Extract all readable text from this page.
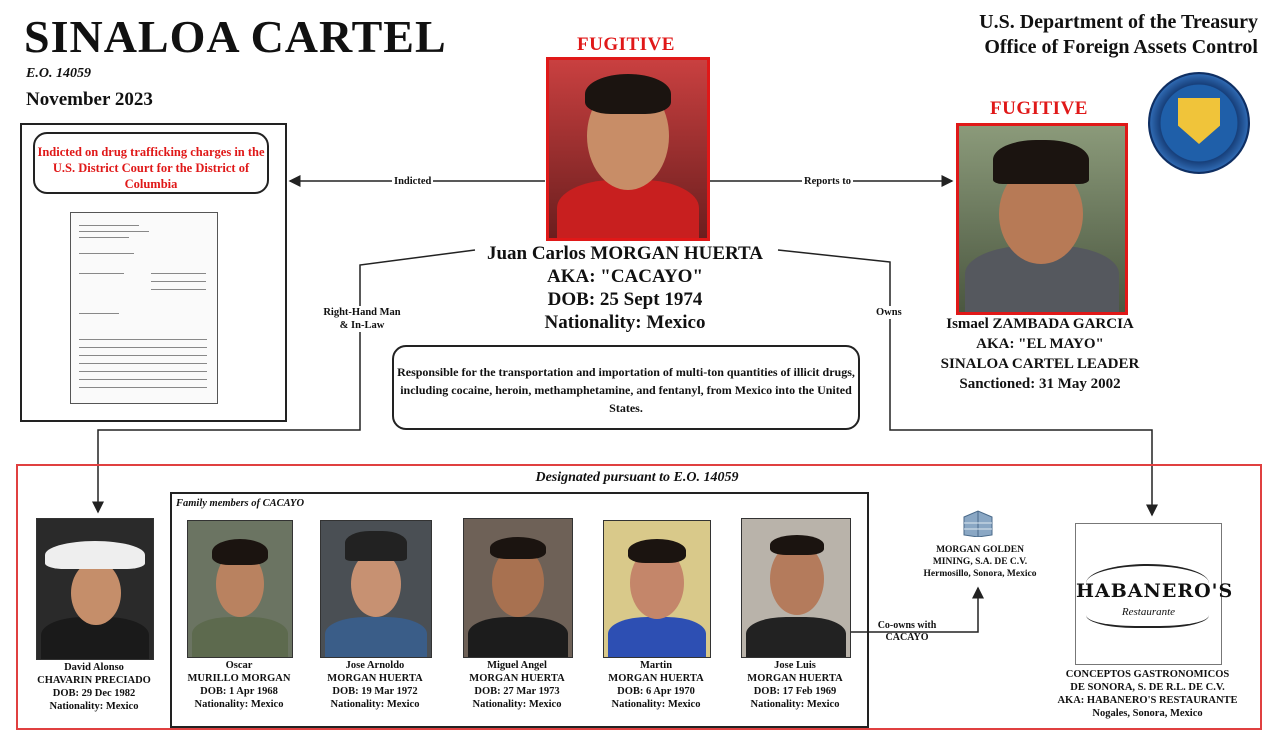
SINALOA CARTEL
E.O. 14059
November 2023
U.S. Department of the Treasury
Office of Foreign Assets Control
FUGITIVE
Juan Carlos MORGAN HUERTA
AKA: "CACAYO"
DOB: 25 Sept 1974
Nationality: Mexico
FUGITIVE
Ismael ZAMBADA GARCIA
AKA: "EL MAYO"
SINALOA CARTEL LEADER
Sanctioned: 31 May 2002
Indicted on drug trafficking charges in the U.S. District Court for the District of Columbia	Indicted	Reports to
Right-Hand Man
& In-Law
Owns
Responsible for the transportation and importation of multi-ton quantities of illicit drugs, including cocaine, heroin, methamphetamine, and fentanyl, from Mexico into the United States.
Designated pursuant to E.O. 14059
Family members of CACAYO
David Alonso
CHAVARIN PRECIADO
DOB: 29 Dec 1982
Nationality: Mexico
Oscar
MURILLO MORGAN
DOB: 1 Apr 1968
Nationality: Mexico
Jose Arnoldo
MORGAN HUERTA
DOB: 19 Mar 1972
Nationality: Mexico
Miguel Angel
MORGAN HUERTA
DOB: 27 Mar 1973
Nationality: Mexico
Martin
MORGAN HUERTA
DOB: 6 Apr 1970
Nationality: Mexico
Jose Luis
MORGAN HUERTA
DOB: 17 Feb 1969
Nationality: Mexico
Co-owns with
CACAYO
MORGAN GOLDEN
MINING, S.A. DE C.V.
Hermosillo, Sonora, Mexico
HABANERO'S
Restaurante
CONCEPTOS GASTRONOMICOS
DE SONORA, S. DE R.L. DE C.V.
AKA: HABANERO'S RESTAURANTE
Nogales, Sonora, Mexico
